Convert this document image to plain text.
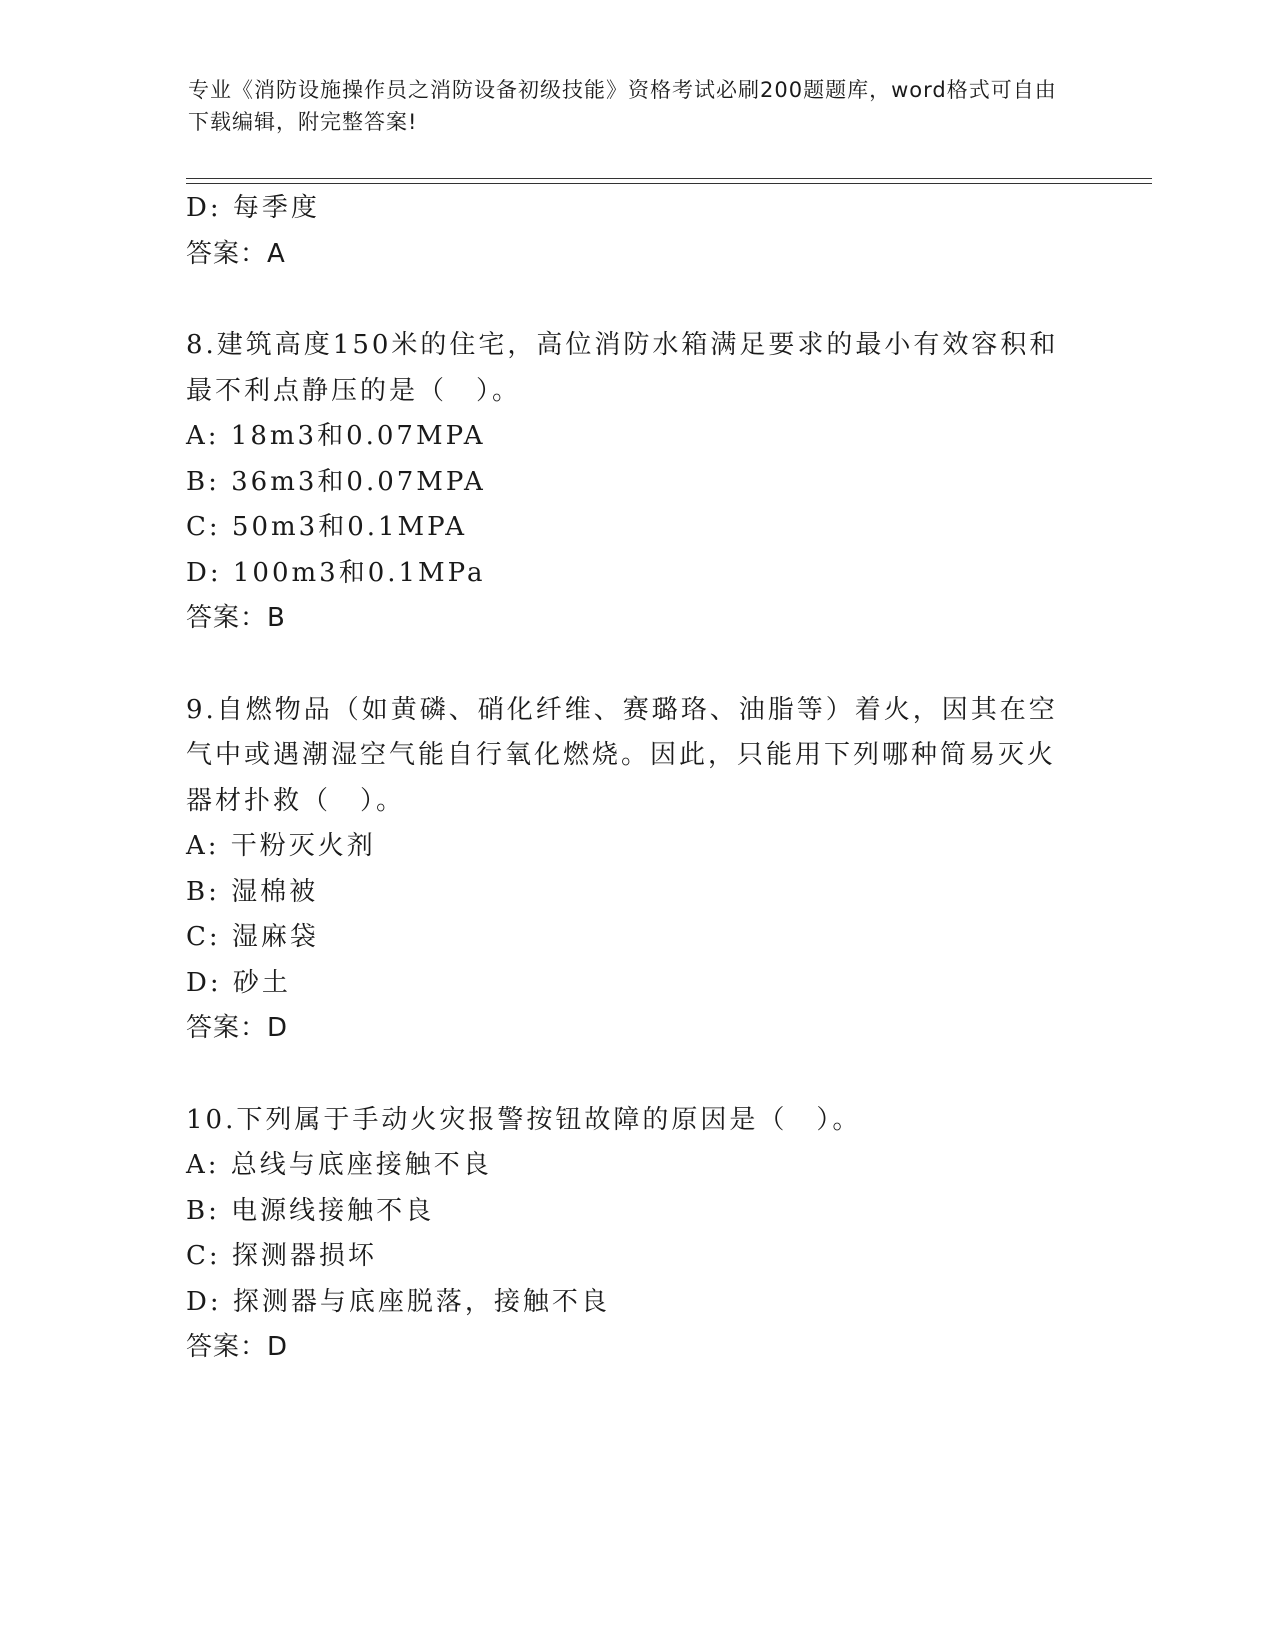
专业《消防设施操作员之消防设备初级技能》资格考试必刷200题题库，word格式可自由下载编辑，附完整答案!
D: 每季度
答案：A
8.建筑高度150米的住宅，高位消防水箱满足要求的最小有效容积和最不利点静压的是（　）。
A: 18m3和0.07MPA
B: 36m3和0.07MPA
C: 50m3和0.1MPA
D: 100m3和0.1MPa
答案：B
9.自燃物品（如黄磷、硝化纤维、赛璐珞、油脂等）着火，因其在空气中或遇潮湿空气能自行氧化燃烧。因此，只能用下列哪种简易灭火器材扑救（　）。
A: 干粉灭火剂
B: 湿棉被
C: 湿麻袋
D: 砂土
答案：D
10.下列属于手动火灾报警按钮故障的原因是（　）。
A: 总线与底座接触不良
B: 电源线接触不良
C: 探测器损坏
D: 探测器与底座脱落，接触不良
答案：D
